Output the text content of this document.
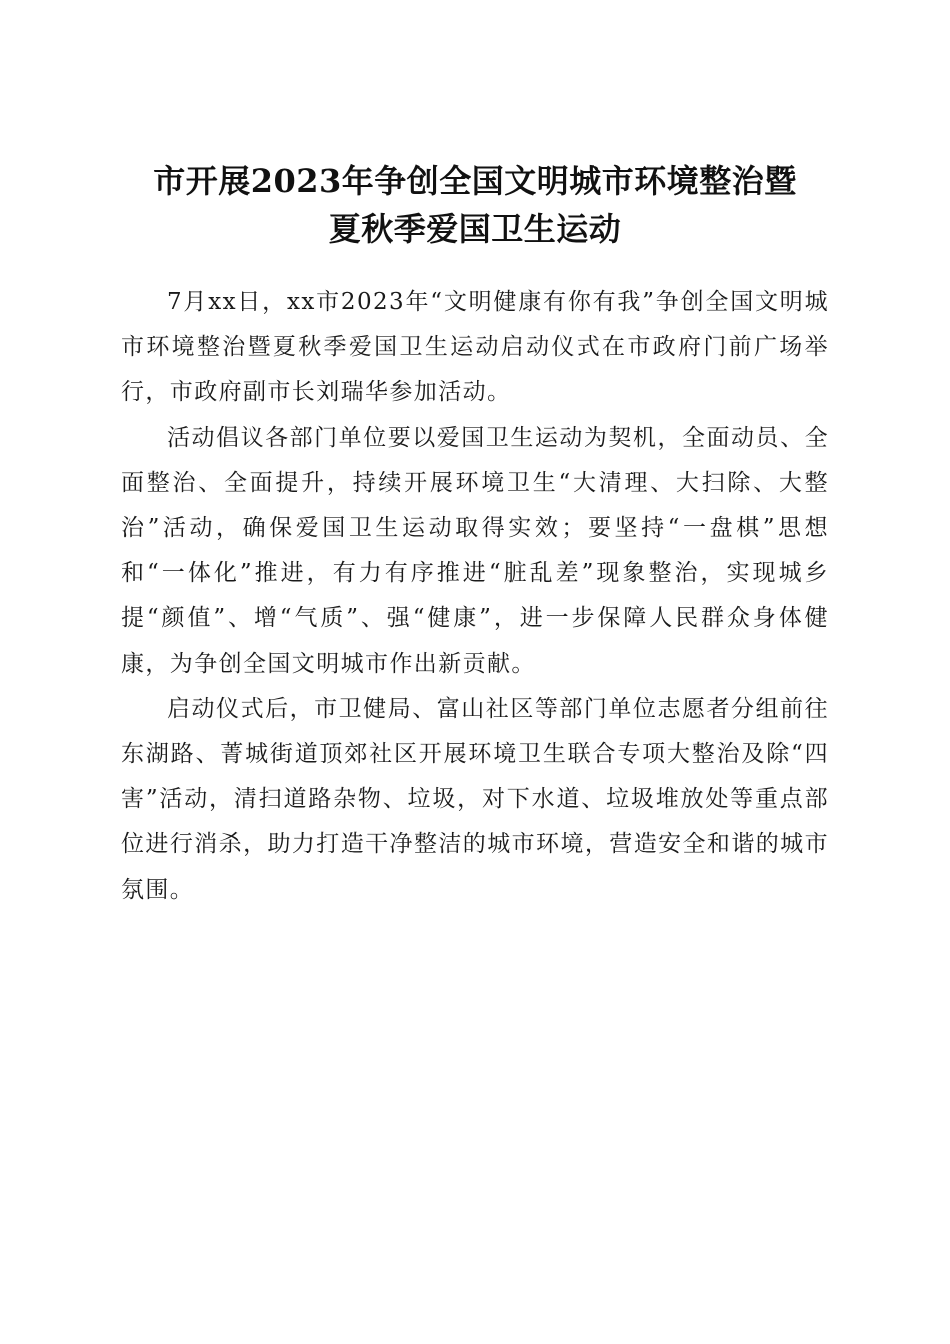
市开展2023年争创全国文明城市环境整治暨
夏秋季爱国卫生运动

7月xx日，xx市2023年“文明健康有你有我”争创全国文明城市环境整治暨夏秋季爱国卫生运动启动仪式在市政府门前广场举行，市政府副市长刘瑞华参加活动。

活动倡议各部门单位要以爱国卫生运动为契机，全面动员、全面整治、全面提升，持续开展环境卫生“大清理、大扫除、大整治”活动，确保爱国卫生运动取得实效；要坚持“一盘棋”思想和“一体化”推进，有力有序推进“脏乱差”现象整治，实现城乡提“颜值”、增“气质”、强“健康”，进一步保障人民群众身体健康，为争创全国文明城市作出新贡献。

启动仪式后，市卫健局、富山社区等部门单位志愿者分组前往东湖路、菁城街道顶郊社区开展环境卫生联合专项大整治及除“四害”活动，清扫道路杂物、垃圾，对下水道、垃圾堆放处等重点部位进行消杀，助力打造干净整洁的城市环境，营造安全和谐的城市氛围。
